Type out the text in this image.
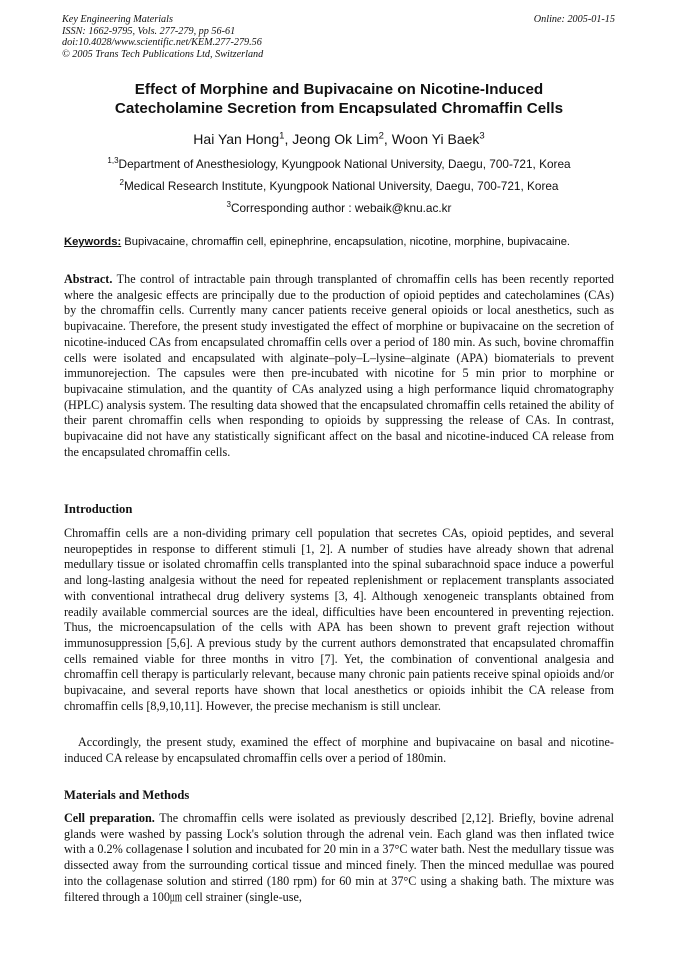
Key Engineering Materials
ISSN: 1662-9795, Vols. 277-279, pp 56-61
doi:10.4028/www.scientific.net/KEM.277-279.56
© 2005 Trans Tech Publications Ltd, Switzerland
Online: 2005-01-15
Effect of Morphine and Bupivacaine on Nicotine-Induced
Catecholamine Secretion from Encapsulated Chromaffin Cells
Hai Yan Hong$^1$, Jeong Ok Lim$^2$, Woon Yi Baek$^3$
$^{1,3}$Department of Anesthesiology, Kyungpook National University, Daegu, 700-721, Korea
$^2$Medical Research Institute, Kyungpook National University, Daegu, 700-721, Korea
$^3$Corresponding author : webaik@knu.ac.kr
Keywords: Bupivacaine, chromaffin cell, epinephrine, encapsulation, nicotine, morphine, bupivacaine.

Abstract. The control of intractable pain through transplanted of chromaffin cells has been recently reported where the analgesic effects are principally due to the production of opioid peptides and catecholamines (CAs) by the chromaffin cells. Currently many cancer patients receive general opioids or local anesthetics, such as bupivacaine. Therefore, the present study investigated the effect of morphine or bupivacaine on the secretion of nicotine-induced CAs from encapsulated chromaffin cells over a period of 180 min. As such, bovine chromaffin cells were isolated and encapsulated with alginate–poly–L–lysine–alginate (APA) biomaterials to prevent immunorejection. The capsules were then pre-incubated with nicotine for 5 min prior to morphine or bupivacaine stimulation, and the quantity of CAs analyzed using a high performance liquid chromatography (HPLC) analysis system. The resulting data showed that the encapsulated chromaffin cells retained the ability of their parent chromaffin cells when responding to opioids by suppressing the release of CAs. In contrast, bupivacaine did not have any statistically significant affect on the basal and nicotine-induced CA release from the encapsulated chromaffin cells.

Introduction

Chromaffin cells are a non-dividing primary cell population that secretes CAs, opioid peptides, and several neuropeptides in response to different stimuli [1, 2]. A number of studies have already shown that adrenal medullary tissue or isolated chromaffin cells transplanted into the spinal subarachnoid space induce a powerful and long-lasting analgesia without the need for repeated replenishment or replacement transplants associated with conventional intrathecal drug delivery systems [3, 4]. Although xenogeneic transplants obtained from readily available commercial sources are the ideal, difficulties have been encountered in preventing rejection. Thus, the microencapsulation of the cells with APA has been shown to prevent graft rejection without immunosuppression [5,6]. A previous study by the current authors demonstrated that encapsulated chromaffin cells remained viable for three months in vitro [7]. Yet, the combination of conventional analgesia and chromaffin cell therapy is particularly relevant, because many chronic pain patients receive spinal opioids and/or bupivacaine, and several reports have shown that local anesthetics or opioids inhibit the CA release from chromaffin cells [8,9,10,11]. However, the precise mechanism is still unclear.

Accordingly, the present study, examined the effect of morphine and bupivacaine on basal and nicotine-induced CA release by encapsulated chromaffin cells over a period of 180min.

Materials and Methods

Cell preparation. The chromaffin cells were isolated as previously described [2,12]. Briefly, bovine adrenal glands were washed by passing Lock's solution through the adrenal vein. Each gland was then inflated twice with a 0.2% collagenase Ⅰ solution and incubated for 20 min in a 37°C water bath. Nest the medullary tissue was dissected away from the surrounding cortical tissue and minced finely. Then the minced medullae was poured into the collagenase solution and stirred (180 rpm) for 60 min at 37°C using a shaking bath. The mixture was filtered through a 100㎛ cell strainer (single-use,
